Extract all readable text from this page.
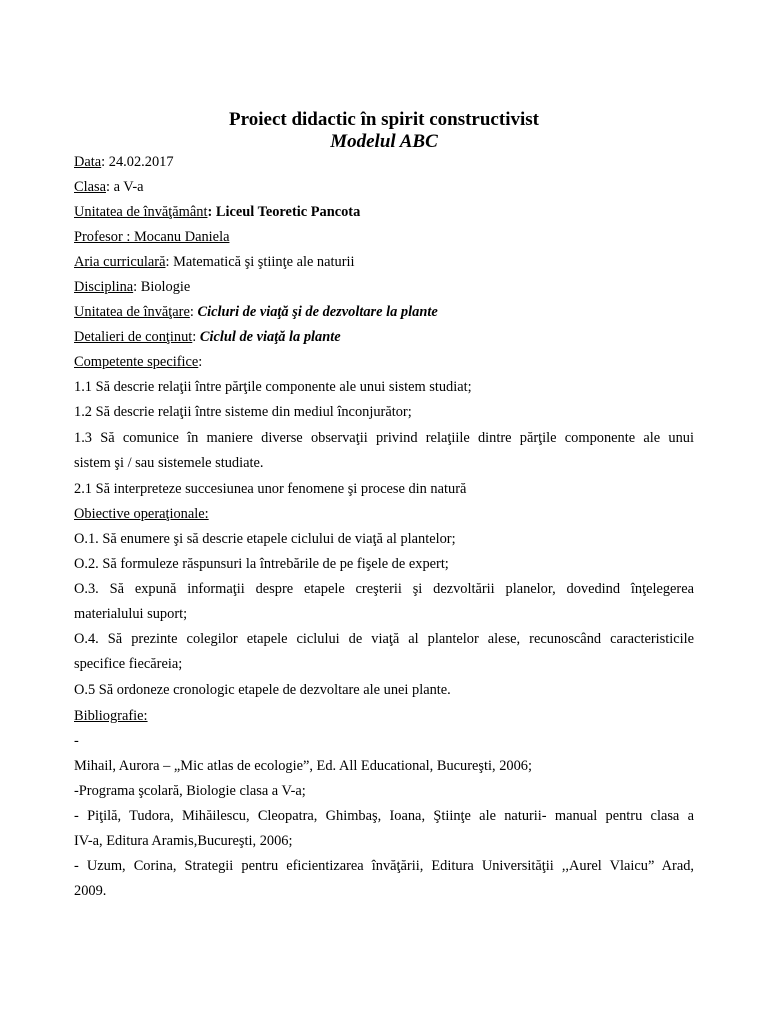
Proiect didactic în spirit constructivist
Modelul ABC
Data: 24.02.2017
Clasa: a V-a
Unitatea de învăţământ: Liceul Teoretic Pancota
Profesor : Mocanu Daniela
Aria curriculară: Matematică şi ştiinţe ale naturii
Disciplina: Biologie
Unitatea de învăţare: Cicluri de viaţă şi de dezvoltare la plante
Detalieri de conţinut: Ciclul de viaţă la plante
Competente specifice:
1.1 Să descrie relaţii între părţile componente ale unui sistem studiat;
1.2 Să descrie relaţii între sisteme din mediul înconjurător;
1.3 Să comunice în maniere diverse observaţii privind relaţiile dintre părţile componente ale unui
sistem şi / sau sistemele studiate.
2.1 Să interpreteze succesiunea unor fenomene şi procese din natură
Obiective operaţionale:
O.1. Să enumere şi să descrie etapele ciclului de viaţă al plantelor;
O.2. Să formuleze răspunsuri la întrebările de pe fişele de expert;
O.3. Să expună informaţii despre etapele creşterii şi dezvoltării planelor, dovedind înţelegerea
materialului suport;
O.4. Să prezinte colegilor etapele ciclului de viaţă al plantelor alese, recunoscând caracteristicile
specifice fiecăreia;
O.5 Să ordoneze cronologic etapele de dezvoltare ale unei plante.
Bibliografie:
-
Mihail, Aurora – „Mic atlas de ecologie”, Ed. All Educational, Bucureşti, 2006;
-Programa şcolară, Biologie clasa a V-a;
- Piţilă, Tudora, Mihăilescu, Cleopatra, Ghimbaş, Ioana, Ştiinţe ale naturii- manual pentru clasa a
IV-a, Editura Aramis,Bucureşti, 2006;
- Uzum, Corina, Strategii pentru eficientizarea învăţării, Editura Universităţii ,,Aurel Vlaicu” Arad,
2009.
